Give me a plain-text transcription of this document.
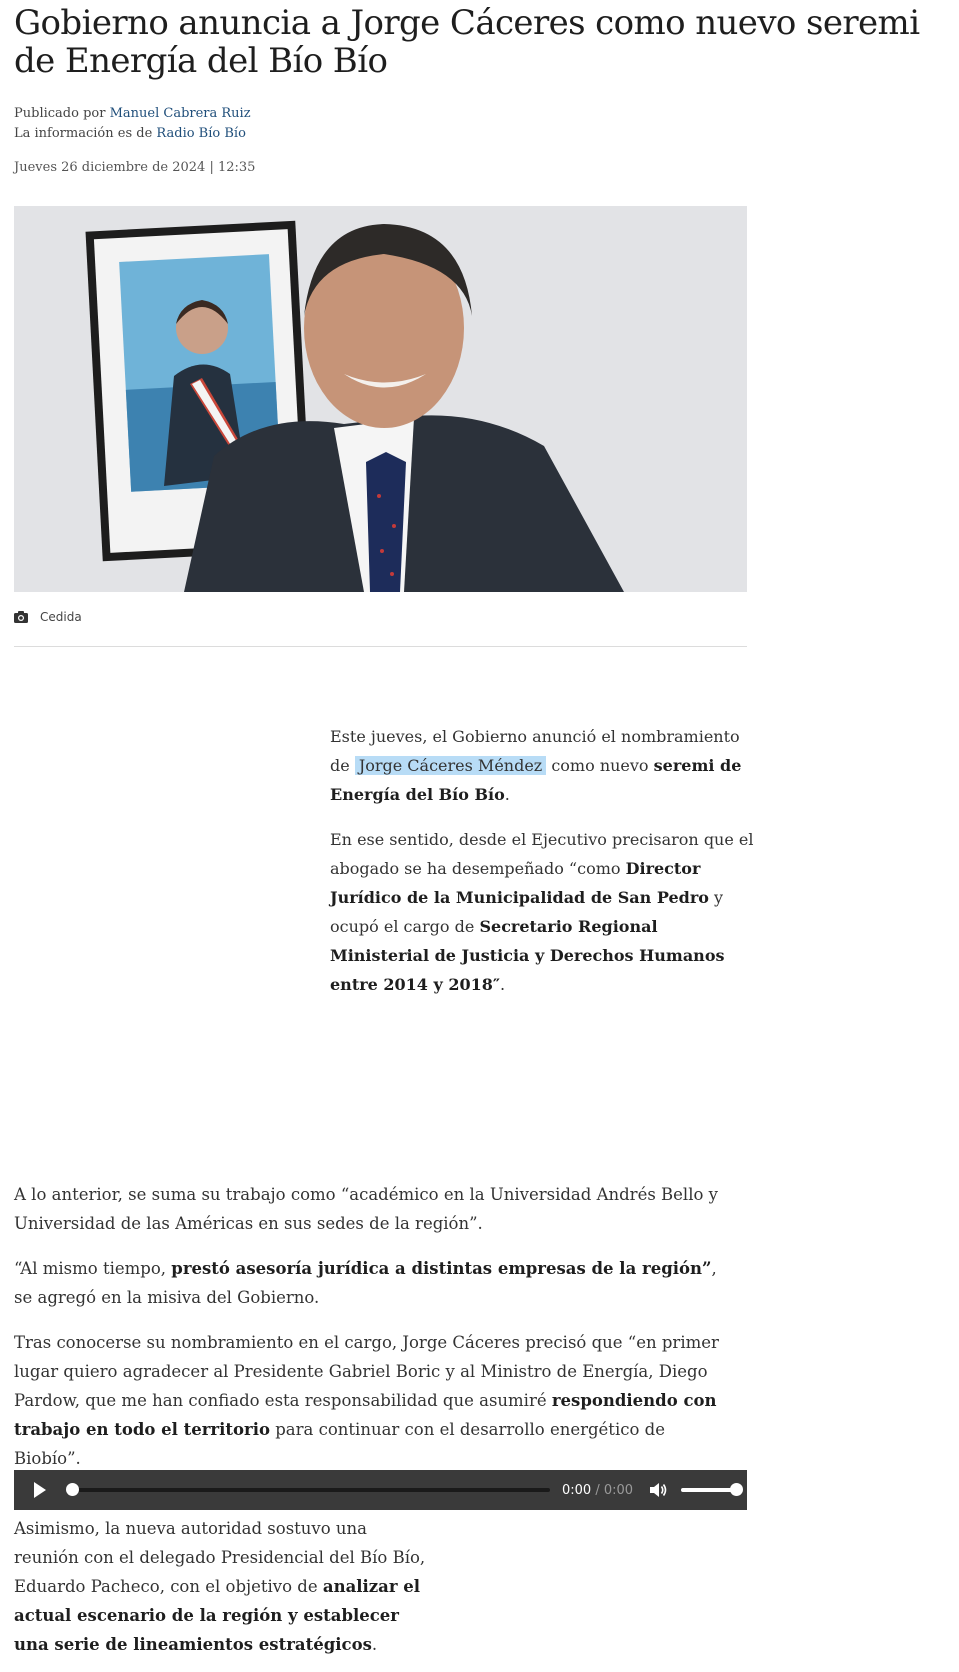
Gobierno anuncia a Jorge Cáceres como nuevo seremi de Energía del Bío Bío
Publicado por Manuel Cabrera Ruiz
La información es de Radio Bío Bío
Jueves 26 diciembre de 2024 | 12:35
Cedida

Este jueves, el Gobierno anunció el nombramiento de Jorge Cáceres Méndez como nuevo seremi de Energía del Bío Bío.

En ese sentido, desde el Ejecutivo precisaron que el abogado se ha desempeñado “como Director Jurídico de la Municipalidad de San Pedro y ocupó el cargo de Secretario Regional Ministerial de Justicia y Derechos Humanos entre 2014 y 2018″.

A lo anterior, se suma su trabajo como “académico en la Universidad Andrés Bello y Universidad de las Américas en sus sedes de la región”.

“Al mismo tiempo, prestó asesoría jurídica a distintas empresas de la región”, se agregó en la misiva del Gobierno.

Tras conocerse su nombramiento en el cargo, Jorge Cáceres precisó que “en primer lugar quiero agradecer al Presidente Gabriel Boric y al Ministro de Energía, Diego Pardow, que me han confiado esta responsabilidad que asumiré respondiendo con trabajo en todo el territorio para continuar con el desarrollo energético de Biobío”.

0:00 / 0:00

Asimismo, la nueva autoridad sostuvo una reunión con el delegado Presidencial del Bío Bío, Eduardo Pacheco, con el objetivo de analizar el actual escenario de la región y establecer una serie de lineamientos estratégicos.
